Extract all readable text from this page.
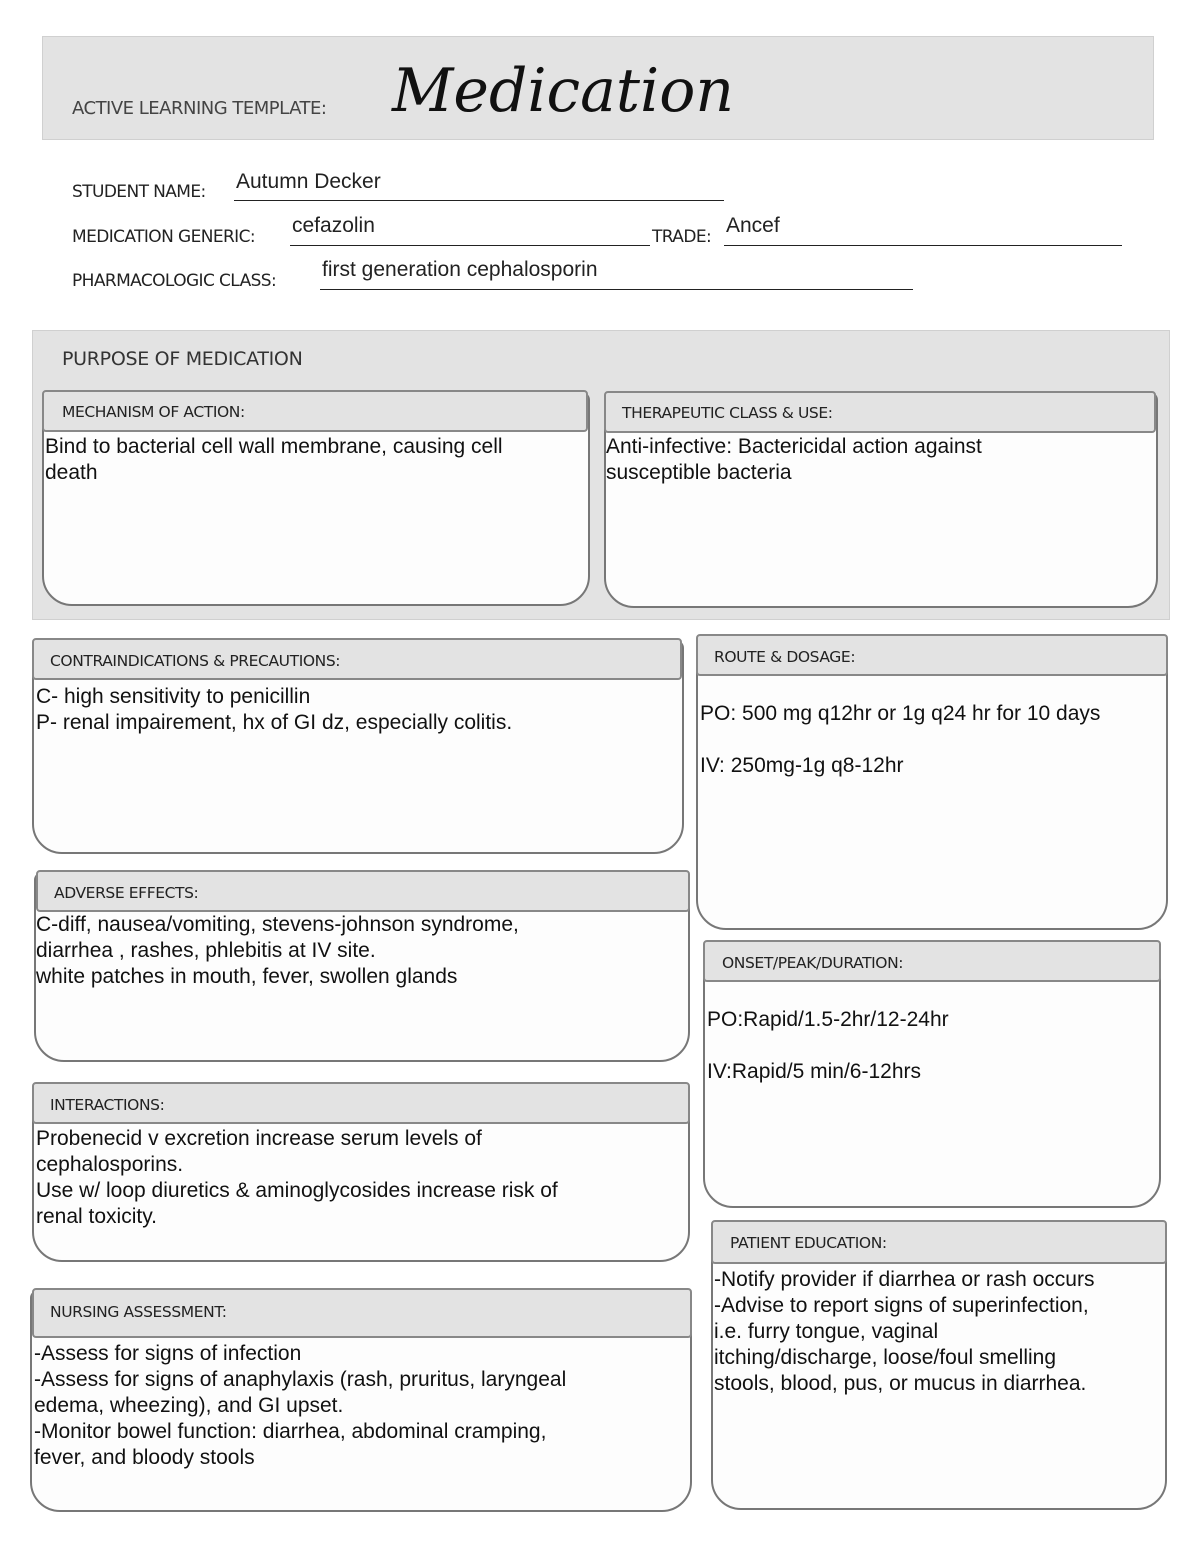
ACTIVE LEARNING TEMPLATE: Medication
STUDENT NAME: Autumn Decker
MEDICATION GENERIC: cefazolin	TRADE: Ancef
PHARMACOLOGIC CLASS: first generation cephalosporin
PURPOSE OF MEDICATION
MECHANISM OF ACTION:
Bind to bacterial cell wall membrane, causing cell
death
THERAPEUTIC CLASS & USE:
Anti-infective: Bactericidal action against
susceptible bacteria
CONTRAINDICATIONS & PRECAUTIONS:
C- high sensitivity to penicillin
P- renal impairement, hx of GI dz, especially colitis.
ROUTE & DOSAGE:
PO: 500 mg q12hr or 1g q24 hr for 10 days
IV: 250mg-1g q8-12hr
ADVERSE EFFECTS:
C-diff, nausea/vomiting, stevens-johnson syndrome,
diarrhea , rashes, phlebitis at IV site.
white patches in mouth, fever, swollen glands
ONSET/PEAK/DURATION:
PO:Rapid/1.5-2hr/12-24hr
IV:Rapid/5 min/6-12hrs
INTERACTIONS:
Probenecid v excretion increase serum levels of
cephalosporins.
Use w/ loop diuretics & aminoglycosides increase risk of
renal toxicity.
PATIENT EDUCATION:
-Notify provider if diarrhea or rash occurs
-Advise to report signs of superinfection,
i.e. furry tongue, vaginal
itching/discharge, loose/foul smelling
stools, blood, pus, or mucus in diarrhea.
NURSING ASSESSMENT:
-Assess for signs of infection
-Assess for signs of anaphylaxis (rash, pruritus, laryngeal
edema, wheezing), and GI upset.
-Monitor bowel function: diarrhea, abdominal cramping,
fever, and bloody stools
